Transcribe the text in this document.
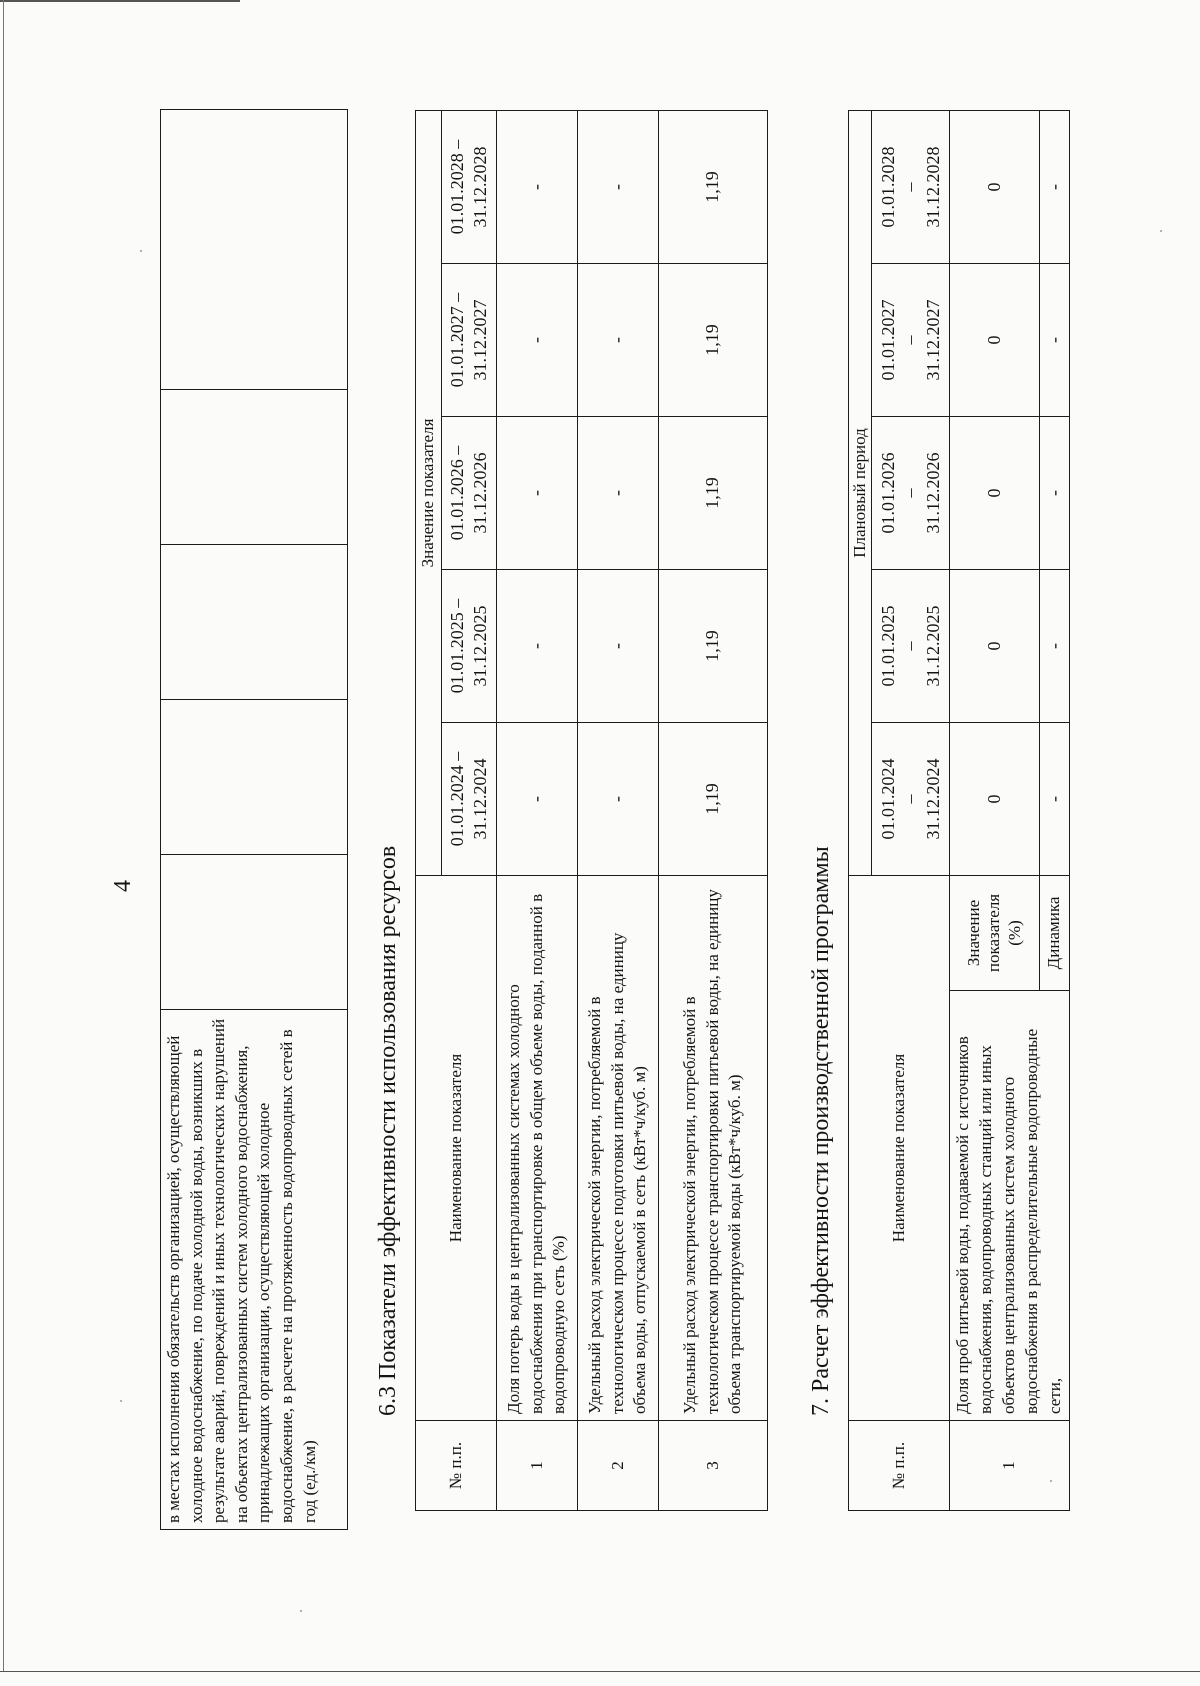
4
в местах исполнения обязательств организацией, осуществляющей холодное водоснабжение, по подаче холодной воды, возникших в результате аварий, повреждений и иных технологических нарушений на объектах централизованных систем холодного водоснабжения, принадлежащих организации, осуществляющей холодное водоснабжение, в расчете на протяженность водопроводных сетей в год (ед./км)					
6.3 Показатели эффективности использования ресурсов
№ п.п.	Наименование показателя	Значение показателя				
		01.01.2024 – 31.12.2024	01.01.2025 – 31.12.2025	01.01.2026 – 31.12.2026	01.01.2027 – 31.12.2027	01.01.2028 – 31.12.2028
1	Доля потерь воды в централизованных системах холодного водоснабжения при транспортировке в общем объеме воды, поданной в водопроводную сеть (%)	-	-	-	-	-
2	Удельный расход электрической энергии, потребляемой в технологическом процессе подготовки питьевой воды, на единицу объема воды, отпускаемой в сеть (кВт*ч/куб. м)	-	-	-	-	-
3	Удельный расход электрической энергии, потребляемой в технологическом процессе транспортировки питьевой воды, на единицу объема транспортируемой воды (кВт*ч/куб. м)	1,19	1,19	1,19	1,19	1,19
7. Расчет эффективности производственной программы
№ п.п.	Наименование показателя		Плановый период				
			01.01.2024 – 31.12.2024	01.01.2025 – 31.12.2025	01.01.2026 – 31.12.2026	01.01.2027 – 31.12.2027	01.01.2028 – 31.12.2028
1	Доля проб питьевой воды, подаваемой с источников водоснабжения, водопроводных станций или иных объектов централизованных систем холодного водоснабжения в распределительные водопроводные сети,	Значение показателя (%)	0	0	0	0	0
		Динамика	-	-	-	-	-
